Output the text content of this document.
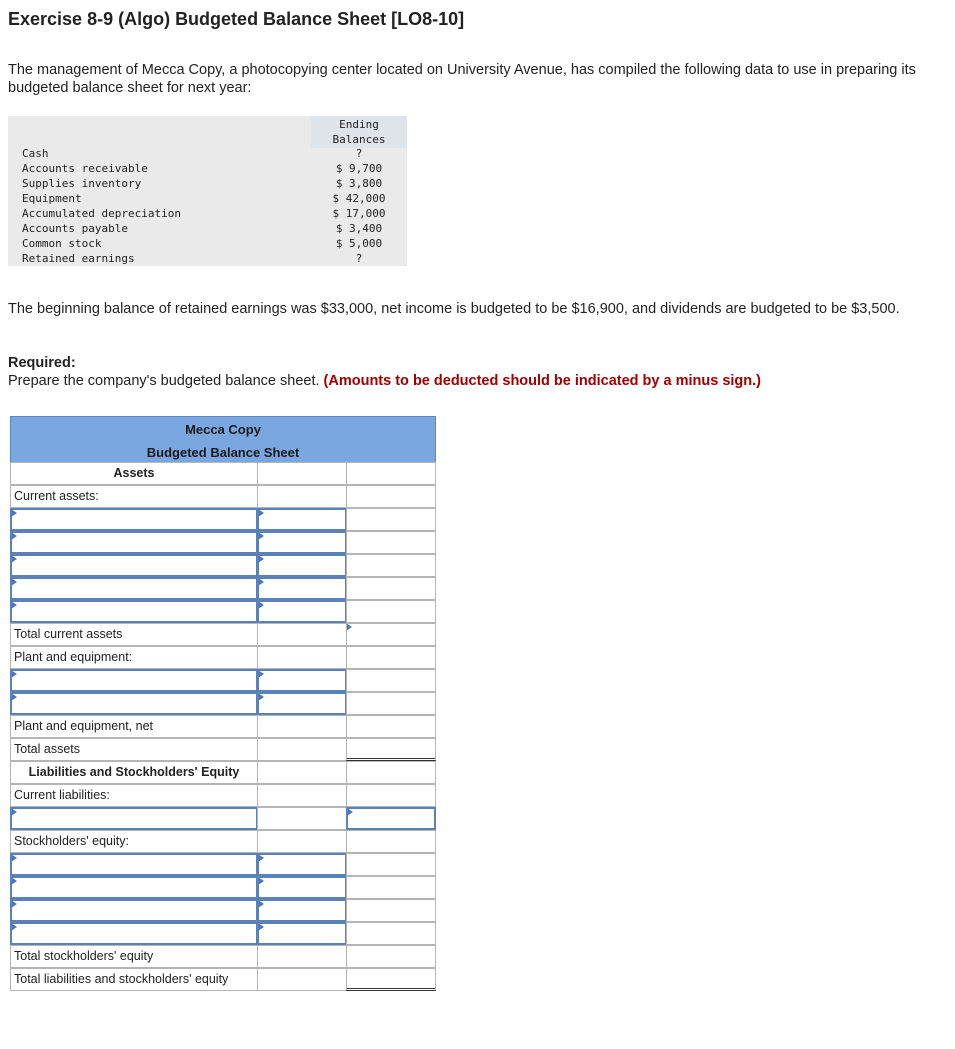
Exercise 8-9 (Algo) Budgeted Balance Sheet [LO8-10]
The management of Mecca Copy, a photocopying center located on University Avenue, has compiled the following data to use in preparing its budgeted balance sheet for next year:
Ending
Balances
Cash	?
Accounts receivable	$ 9,700
Supplies inventory	$ 3,800
Equipment	$ 42,000
Accumulated depreciation	$ 17,000
Accounts payable	$ 3,400
Common stock	$ 5,000
Retained earnings	?
The beginning balance of retained earnings was $33,000, net income is budgeted to be $16,900, and dividends are budgeted to be $3,500.
Required:
Prepare the company's budgeted balance sheet. (Amounts to be deducted should be indicated by a minus sign.)
Mecca Copy
Budgeted Balance Sheet
Assets
Current assets:
Total current assets
Plant and equipment:
Plant and equipment, net
Total assets
Liabilities and Stockholders' Equity
Current liabilities:
Stockholders' equity:
Total stockholders' equity
Total liabilities and stockholders' equity
